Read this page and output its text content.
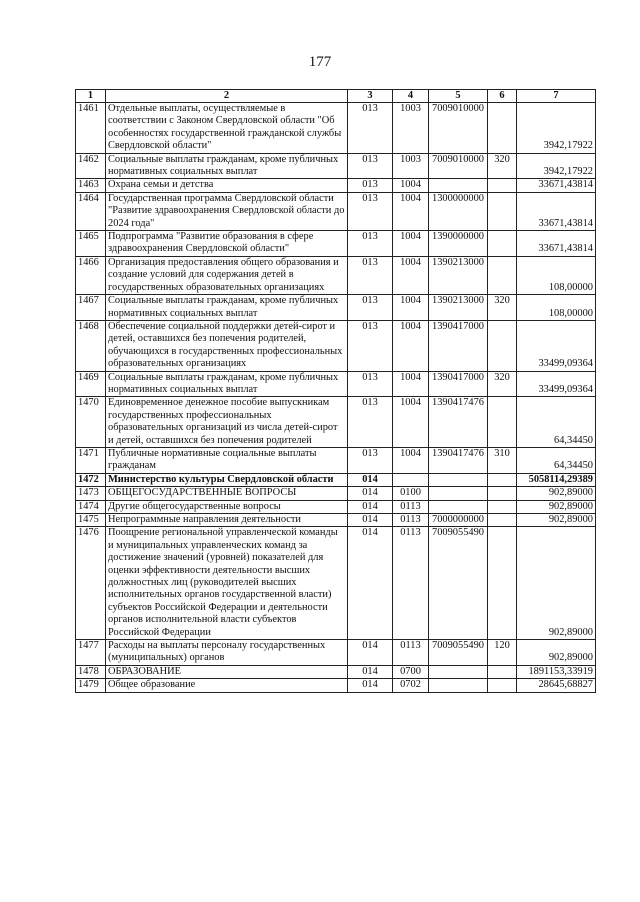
177
1	2	3	4	5	6	7
1461	Отдельные выплаты, осуществляемые в соответствии с Законом Свердловской области "Об особенностях государственной гражданской службы Свердловской области"	013	1003	7009010000		3942,17922
1462	Социальные выплаты гражданам, кроме публичных нормативных социальных выплат	013	1003	7009010000	320	3942,17922
1463	Охрана семьи и детства	013	1004			33671,43814
1464	Государственная программа Свердловской области "Развитие здравоохранения Свердловской области до 2024 года"	013	1004	1300000000		33671,43814
1465	Подпрограмма "Развитие образования в сфере здравоохранения Свердловской области"	013	1004	1390000000		33671,43814
1466	Организация предоставления общего образования и создание условий для содержания детей в государственных образовательных организациях	013	1004	1390213000		108,00000
1467	Социальные выплаты гражданам, кроме публичных нормативных социальных выплат	013	1004	1390213000	320	108,00000
1468	Обеспечение социальной поддержки детей-сирот и детей, оставшихся без попечения родителей, обучающихся в государственных профессиональных образовательных организациях	013	1004	1390417000		33499,09364
1469	Социальные выплаты гражданам, кроме публичных нормативных социальных выплат	013	1004	1390417000	320	33499,09364
1470	Единовременное денежное пособие выпускникам государственных профессиональных образовательных организаций из числа детей-сирот и детей, оставшихся без попечения родителей	013	1004	1390417476		64,34450
1471	Публичные нормативные социальные выплаты гражданам	013	1004	1390417476	310	64,34450
1472	Министерство культуры Свердловской области	014				5058114,29389
1473	ОБЩЕГОСУДАРСТВЕННЫЕ ВОПРОСЫ	014	0100			902,89000
1474	Другие общегосударственные вопросы	014	0113			902,89000
1475	Непрограммные направления деятельности	014	0113	7000000000		902,89000
1476	Поощрение региональной управленческой команды и муниципальных управленческих команд за достижение значений (уровней) показателей для оценки эффективности деятельности высших должностных лиц (руководителей высших исполнительных органов государственной власти) субъектов Российской Федерации и деятельности органов исполнительной власти субъектов Российской Федерации	014	0113	7009055490		902,89000
1477	Расходы на выплаты персоналу государственных (муниципальных) органов	014	0113	7009055490	120	902,89000
1478	ОБРАЗОВАНИЕ	014	0700			1891153,33919
1479	Общее образование	014	0702			28645,68827
